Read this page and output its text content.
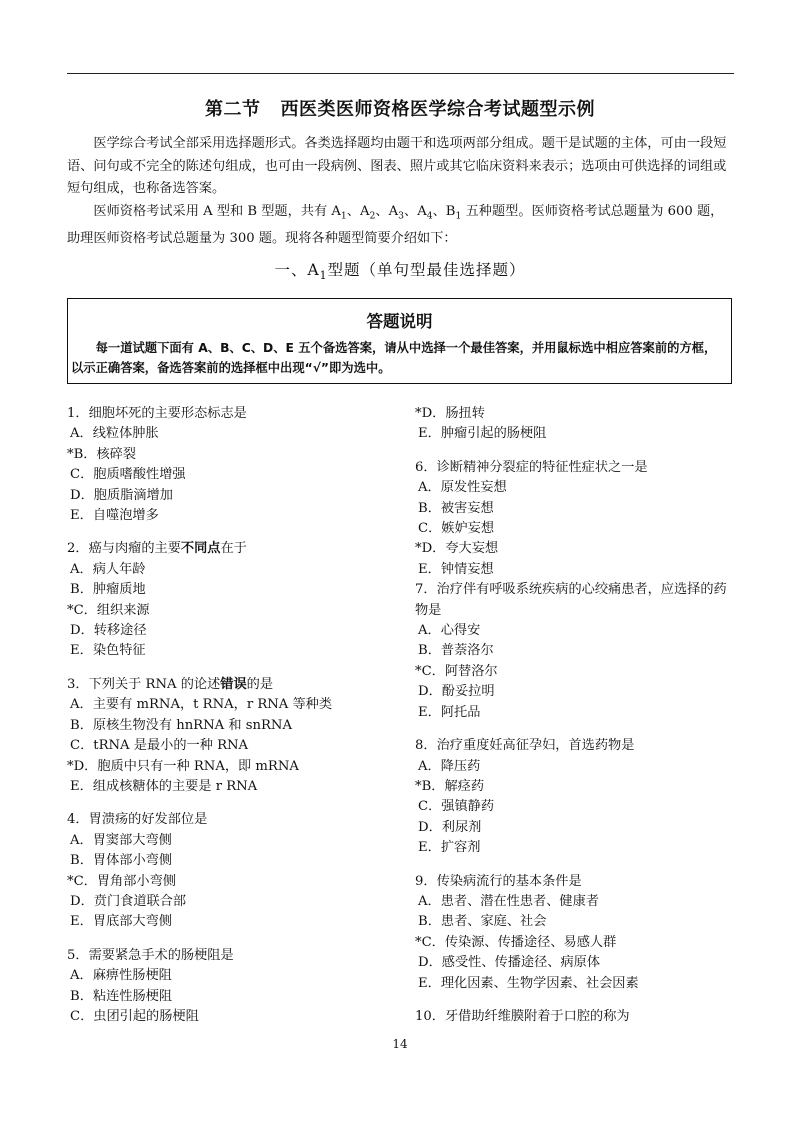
第二节 西医类医师资格医学综合考试题型示例

医学综合考试全部采用选择题形式。各类选择题均由题干和选项两部分组成。题干是试题的主体，可由一段短语、问句或不完全的陈述句组成，也可由一段病例、图表、照片或其它临床资料来表示；选项由可供选择的词组或短句组成，也称备选答案。

医师资格考试采用 A 型和 B 型题，共有 $A_1$、$A_2$、$A_3$、$A_4$、$B_1$ 五种题型。医师资格考试总题量为 600 题，助理医师资格考试总题量为 300 题。现将各种题型简要介绍如下：

一、$A_1$型题（单句型最佳选择题）
答题说明
每一道试题下面有 A、B、C、D、E 五个备选答案，请从中选择一个最佳答案，并用鼠标选中相应答案前的方框，以示正确答案，备选答案前的选择框中出现“√”即为选中。
1．细胞坏死的主要形态标志是
A．线粒体肿胀
*B．核碎裂
C．胞质嗜酸性增强
D．胞质脂滴增加
E．自噬泡增多
2．癌与肉瘤的主要不同点在于
A．病人年龄
B．肿瘤质地
*C．组织来源
D．转移途径
E．染色特征
3．下列关于 RNA 的论述错误的是
A．主要有 mRNA，t RNA，r RNA 等种类
B．原核生物没有 hnRNA 和 snRNA
C．tRNA 是最小的一种 RNA
*D．胞质中只有一种 RNA，即 mRNA
E．组成核糖体的主要是 r RNA
4．胃溃疡的好发部位是
A．胃窦部大弯侧
B．胃体部小弯侧
*C．胃角部小弯侧
D．贲门食道联合部
E．胃底部大弯侧
5．需要紧急手术的肠梗阻是
A．麻痹性肠梗阻
B．粘连性肠梗阻
C．虫团引起的肠梗阻
*D．肠扭转
E．肿瘤引起的肠梗阻
6．诊断精神分裂症的特征性症状之一是
A．原发性妄想
B．被害妄想
C．嫉妒妄想
*D．夸大妄想
E．钟情妄想
7．治疗伴有呼吸系统疾病的心绞痛患者，应选择的药物是
A．心得安
B．普萘洛尔
*C．阿替洛尔
D．酚妥拉明
E．阿托品
8．治疗重度妊高征孕妇，首选药物是
A．降压药
*B．解痉药
C．强镇静药
D．利尿剂
E．扩容剂
9．传染病流行的基本条件是
A．患者、潜在性患者、健康者
B．患者、家庭、社会
*C．传染源、传播途径、易感人群
D．感受性、传播途径、病原体
E．理化因素、生物学因素、社会因素
10．牙借助纤维膜附着于口腔的称为
14
